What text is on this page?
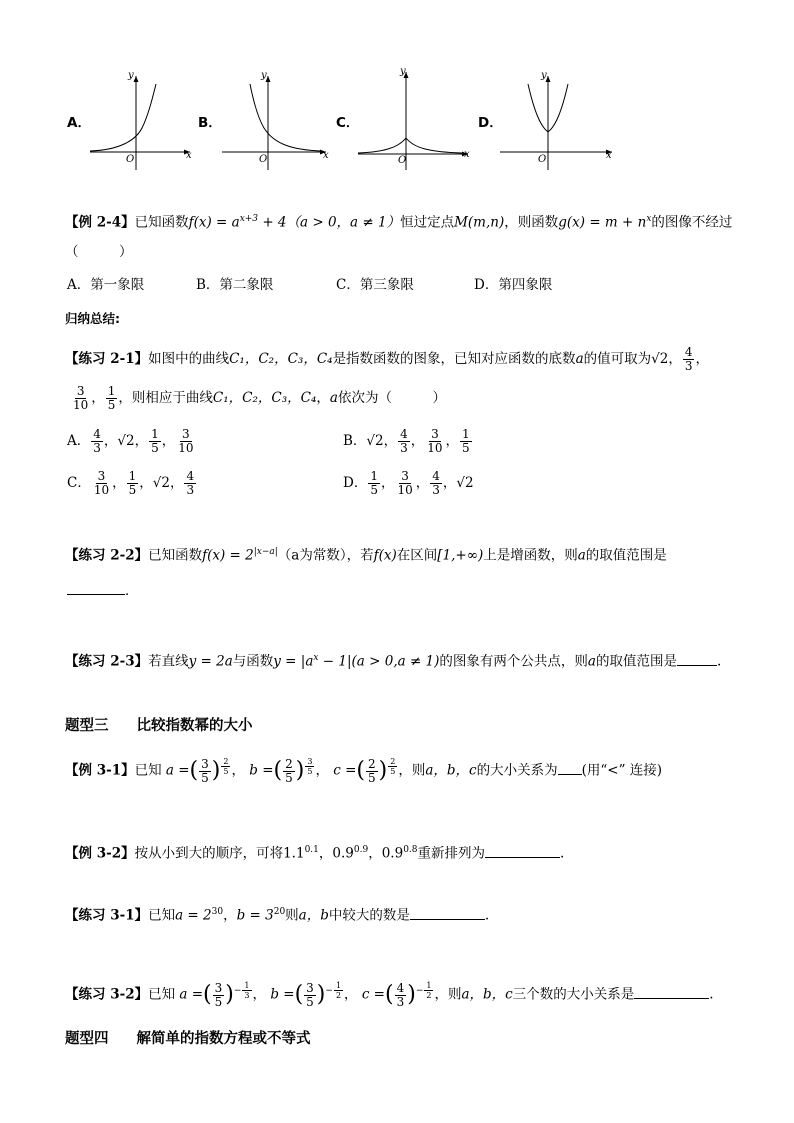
A．
y
x
O
B．
y
x
O
C．
y
x
O
D．
y
x
O
【例 2-4】已知函数$f(x) = a^{x+3} + 4(a > 0$，a ≠ 1）恒过定点M(m,n)，则函数$g(x) = m + n^x$的图像不经过
（　　　）
A．第一象限	B．第二象限	C．第三象限	D．第四象限
归纳总结:
【练习 2-1】如图中的曲线C₁，C₂，C₃，C₄是指数函数的图象，已知对应函数的底数a的值可取为√2， $\frac{4}{3}$ ，
$\frac{3}{10}$ ， $\frac{1}{5}$ ，则相应于曲线C₁，C₂，C₃，C₄，a依次为（　　　）
A． $\frac{4}{3}$ ，√2， $\frac{1}{5}$ ， $\frac{3}{10}$	B．√2， $\frac{4}{3}$ ， $\frac{3}{10}$ ， $\frac{1}{5}$
C． $\frac{3}{10}$ ， $\frac{1}{5}$ ，√2， $\frac{4}{3}$	D． $\frac{1}{5}$ ， $\frac{3}{10}$ ， $\frac{4}{3}$ ，√2
【练习 2-2】已知函数$f(x) = 2^{|x-a|}(a$为常数），若f(x)在区间[1,+∞)上是增函数，则a的取值范围是
．
【练习 2-3】若直线y = 2a与函数$y = |a^x - 1|(a > 0,a \ne 1)$的图象有两个公共点，则a的取值范围是	.
题型三 比较指数幂的大小
【例 3-1】已知 a =( $\frac{3}{5}$ ) $^{\frac{2}{5}}$ ， b =( $\frac{2}{5}$ ) $^{\frac{3}{5}}$ ， c =( $\frac{2}{5}$ ) $^{\frac{2}{5}}$ ，则a，b，c的大小关系为 (用“<” 连接)
【例 3-2】按从小到大的顺序，可将$1.1^{0.1}$，$0.9^{0.9}$，$0.9^{0.8}$重新排列为	.
【练习 3-1】已知$a = 2^{30}$，$b = 3^{20}$则a，b中较大的数是	.
【练习 3-2】已知 a =( $\frac{3}{5} )^{- \frac{1}{3}}$ ， b =( $\frac{3}{5} )^{- \frac{1}{2}}$ ， c =( $\frac{4}{3} )^{- \frac{1}{2}}$ ，则a，b，c三个数的大小关系是	.
题型四 解简单的指数方程或不等式
